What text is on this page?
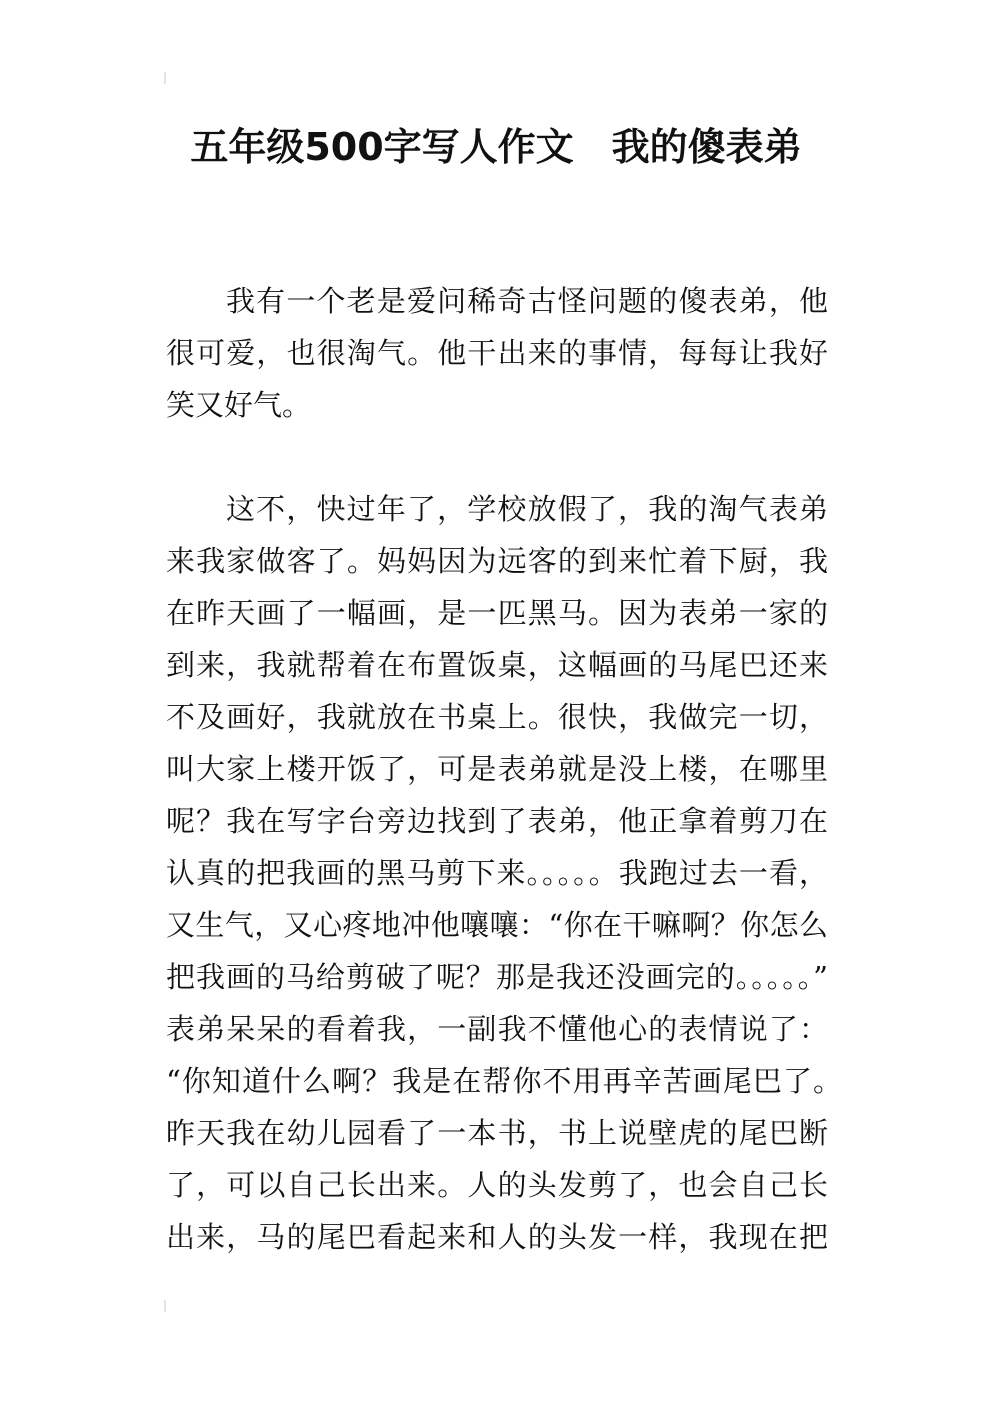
五年级500字写人作文　我的傻表弟
我有一个老是爱问稀奇古怪问题的傻表弟，他
很可爱，也很淘气。他干出来的事情，每每让我好
笑又好气。
这不，快过年了，学校放假了，我的淘气表弟
来我家做客了。妈妈因为远客的到来忙着下厨，我
在昨天画了一幅画，是一匹黑马。因为表弟一家的
到来，我就帮着在布置饭桌，这幅画的马尾巴还来
不及画好，我就放在书桌上。很快，我做完一切，
叫大家上楼开饭了，可是表弟就是没上楼，在哪里
呢？我在写字台旁边找到了表弟，他正拿着剪刀在
认真的把我画的黑马剪下来。。。。。我跑过去一看，
又生气，又心疼地冲他嚷嚷：“你在干嘛啊？你怎么
把我画的马给剪破了呢？那是我还没画完的。。。。。”
表弟呆呆的看着我，一副我不懂他心的表情说了：
“你知道什么啊？我是在帮你不用再辛苦画尾巴了。
昨天我在幼儿园看了一本书，书上说壁虎的尾巴断
了，可以自己长出来。人的头发剪了，也会自己长
出来，马的尾巴看起来和人的头发一样，我现在把
